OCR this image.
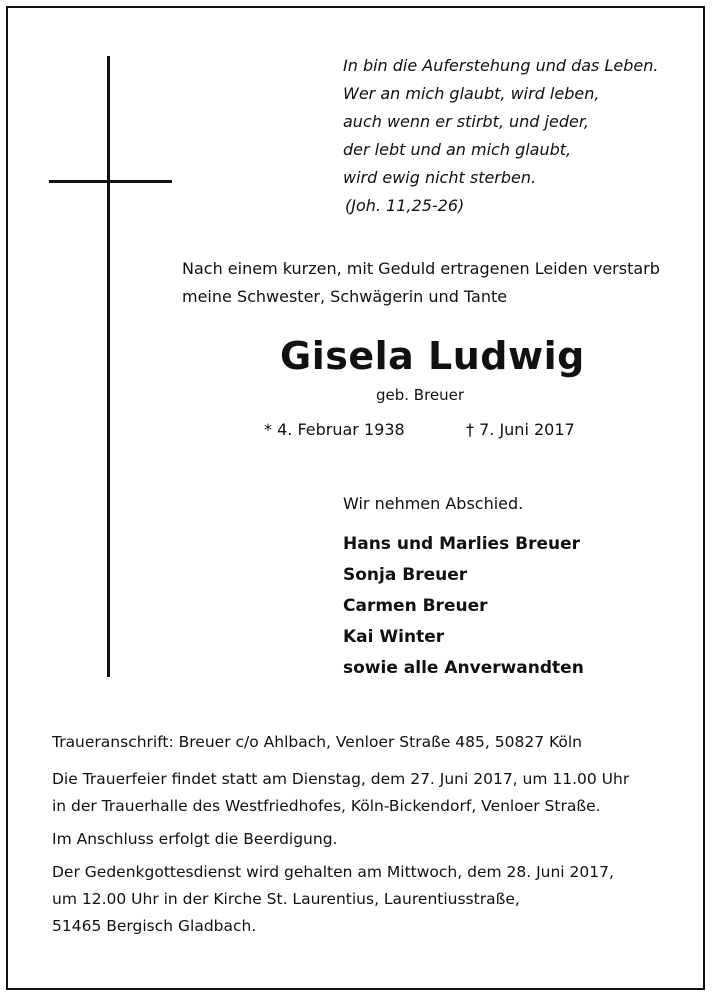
In bin die Auferstehung und das Leben.
Wer an mich glaubt, wird leben,
auch wenn er stirbt, und jeder,
der lebt und an mich glaubt,
wird ewig nicht sterben.
(Joh. 11,25-26)
Nach einem kurzen, mit Geduld ertragenen Leiden verstarb
meine Schwester, Schwägerin und Tante
Gisela Ludwig
geb. Breuer
* 4. Februar 1938	† 7. Juni 2017
Wir nehmen Abschied.
Hans und Marlies Breuer
Sonja Breuer
Carmen Breuer
Kai Winter
sowie alle Anverwandten
Traueranschrift: Breuer c/o Ahlbach, Venloer Straße 485, 50827 Köln
Die Trauerfeier findet statt am Dienstag, dem 27. Juni 2017, um 11.00 Uhr
in der Trauerhalle des Westfriedhofes, Köln-Bickendorf, Venloer Straße.
Im Anschluss erfolgt die Beerdigung.
Der Gedenkgottesdienst wird gehalten am Mittwoch, dem 28. Juni 2017,
um 12.00 Uhr in der Kirche St. Laurentius, Laurentiusstraße,
51465 Bergisch Gladbach.
